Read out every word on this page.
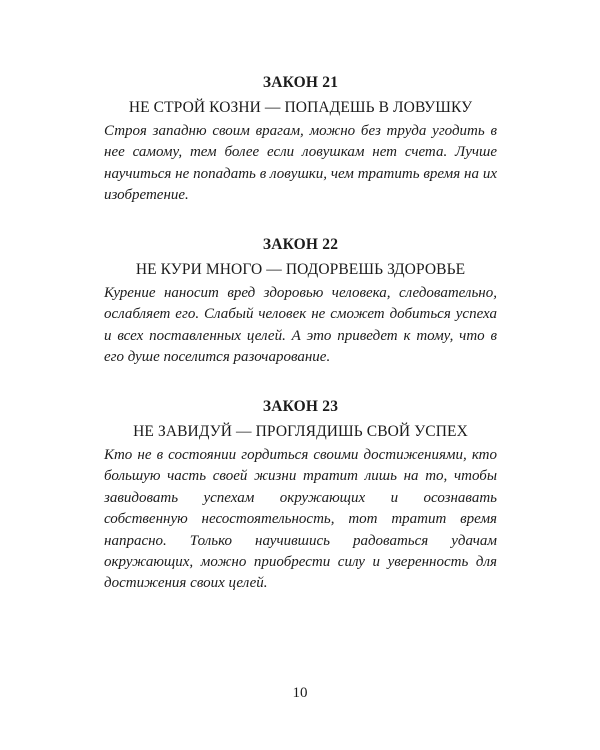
ЗАКОН 21
НЕ СТРОЙ КОЗНИ — ПОПАДЕШЬ В ЛОВУШКУ
Строя западню своим врагам, можно без труда угодить в нее самому, тем более если ловушкам нет счета. Лучше научиться не попадать в ловушки, чем тратить время на их изобретение.
ЗАКОН 22
НЕ КУРИ МНОГО — ПОДОРВЕШЬ ЗДОРОВЬЕ
Курение наносит вред здоровью человека, следовательно, ослабляет его. Слабый человек не сможет добиться успеха и всех поставленных целей. А это приведет к тому, что в его душе поселится разочарование.
ЗАКОН 23
НЕ ЗАВИДУЙ — ПРОГЛЯДИШЬ СВОЙ УСПЕХ
Кто не в состоянии гордиться своими достижениями, кто большую часть своей жизни тратит лишь на то, чтобы завидовать успехам окружающих и осознавать собственную несостоятельность, тот тратит время напрасно. Только научившись радоваться удачам окружающих, можно приобрести силу и уверенность для достижения своих целей.
10
